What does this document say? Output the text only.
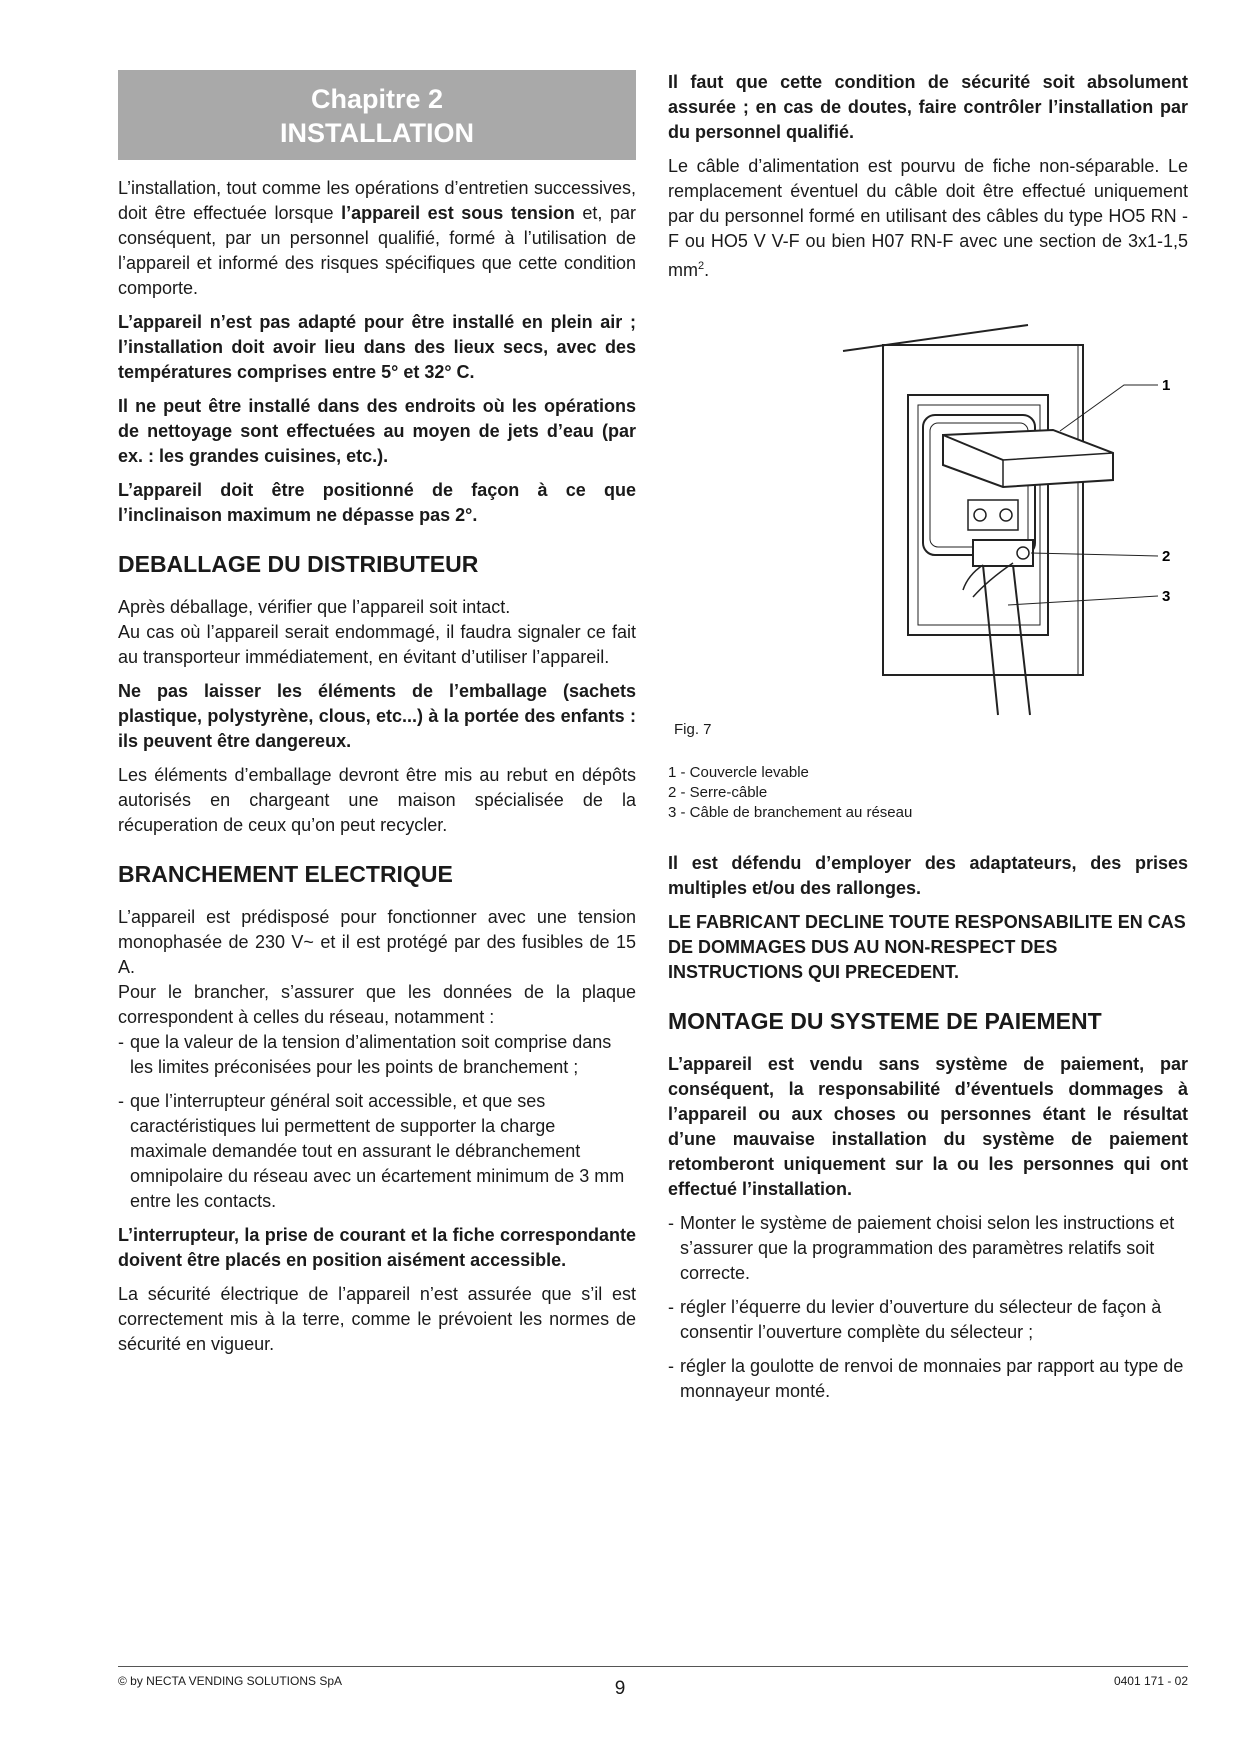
Chapitre 2
INSTALLATION

L’installation, tout comme les opérations d’entretien successives, doit être effectuée lorsque l’appareil est sous tension et, par conséquent, par un personnel qualifié, formé à l’utilisation de l’appareil et informé des risques spécifiques que cette condition comporte.

L’appareil n’est pas adapté pour être installé en plein air ; l’installation doit avoir lieu dans des lieux secs, avec des températures comprises entre 5° et 32° C.

Il ne peut être installé dans des endroits où les opérations de nettoyage sont effectuées au moyen de jets d’eau (par ex. : les grandes cuisines, etc.).

L’appareil doit être positionné de façon à ce que l’inclinaison maximum ne dépasse pas 2°.

DEBALLAGE DU DISTRIBUTEUR

Après déballage, vérifier que l’appareil soit intact.

Au cas où l’appareil serait endommagé, il faudra signaler ce fait au transporteur immédiatement, en évitant d’utiliser l’appareil.

Ne pas laisser les éléments de l’emballage (sachets plastique, polystyrène, clous, etc...) à la portée des enfants : ils peuvent être dangereux.

Les éléments d’emballage devront être mis au rebut en dépôts autorisés en chargeant une maison spécialisée de la récuperation de ceux qu’on peut recycler.

BRANCHEMENT ELECTRIQUE

L’appareil est prédisposé pour fonctionner avec une tension monophasée de 230 V~ et il est protégé par des fusibles de 15 A.

Pour le brancher, s’assurer que les données de la plaque correspondent à celles du réseau, notamment :

- que la valeur de la tension d’alimentation soit comprise dans les limites préconisées pour les points de branchement ;
- que l’interrupteur général soit accessible, et que ses caractéristiques lui permettent de supporter la charge maximale demandée tout en assurant le débranchement omnipolaire du réseau avec un écartement minimum de 3 mm entre les contacts.

L’interrupteur, la prise de courant et la fiche correspondante doivent être placés en position aisément accessible.

La sécurité électrique de l’appareil n’est assurée que s’il est correctement mis à la terre, comme le prévoient les normes de sécurité en vigueur.

Il faut que cette condition de sécurité soit absolument assurée ; en cas de doutes, faire contrôler l’installation par du personnel qualifié.

Le câble d’alimentation est pourvu de fiche non-séparable. Le remplacement éventuel du câble doit être effectué uniquement par du personnel formé en utilisant des câbles du type HO5 RN - F ou HO5 V V-F ou bien H07 RN-F avec une section de 3x1-1,5 $mm^2$.

1
2
3
Fig. 7
1 - Couvercle levable
2 - Serre-câble
3 - Câble de branchement au réseau

Il est défendu d’employer des adaptateurs, des prises multiples et/ou des rallonges.

LE FABRICANT DECLINE TOUTE RESPONSABILITE EN CAS DE DOMMAGES DUS AU NON-RESPECT DES INSTRUCTIONS QUI PRECEDENT.

MONTAGE DU SYSTEME DE PAIEMENT

L’appareil est vendu sans système de paiement, par conséquent, la responsabilité d’éventuels dommages à l’appareil ou aux choses ou personnes étant le résultat d’une mauvaise installation du système de paiement retomberont uniquement sur la ou les personnes qui ont effectué l’installation.

- Monter le système de paiement choisi selon les instructions et s’assurer que la programmation des paramètres relatifs soit correcte.
- régler l’équerre du levier d’ouverture du sélecteur de façon à consentir l’ouverture complète du sélecteur ;
- régler la goulotte de renvoi de monnaies par rapport au type de monnayeur monté.
© by NECTA VENDING SOLUTIONS SpA	9	0401 171 - 02
